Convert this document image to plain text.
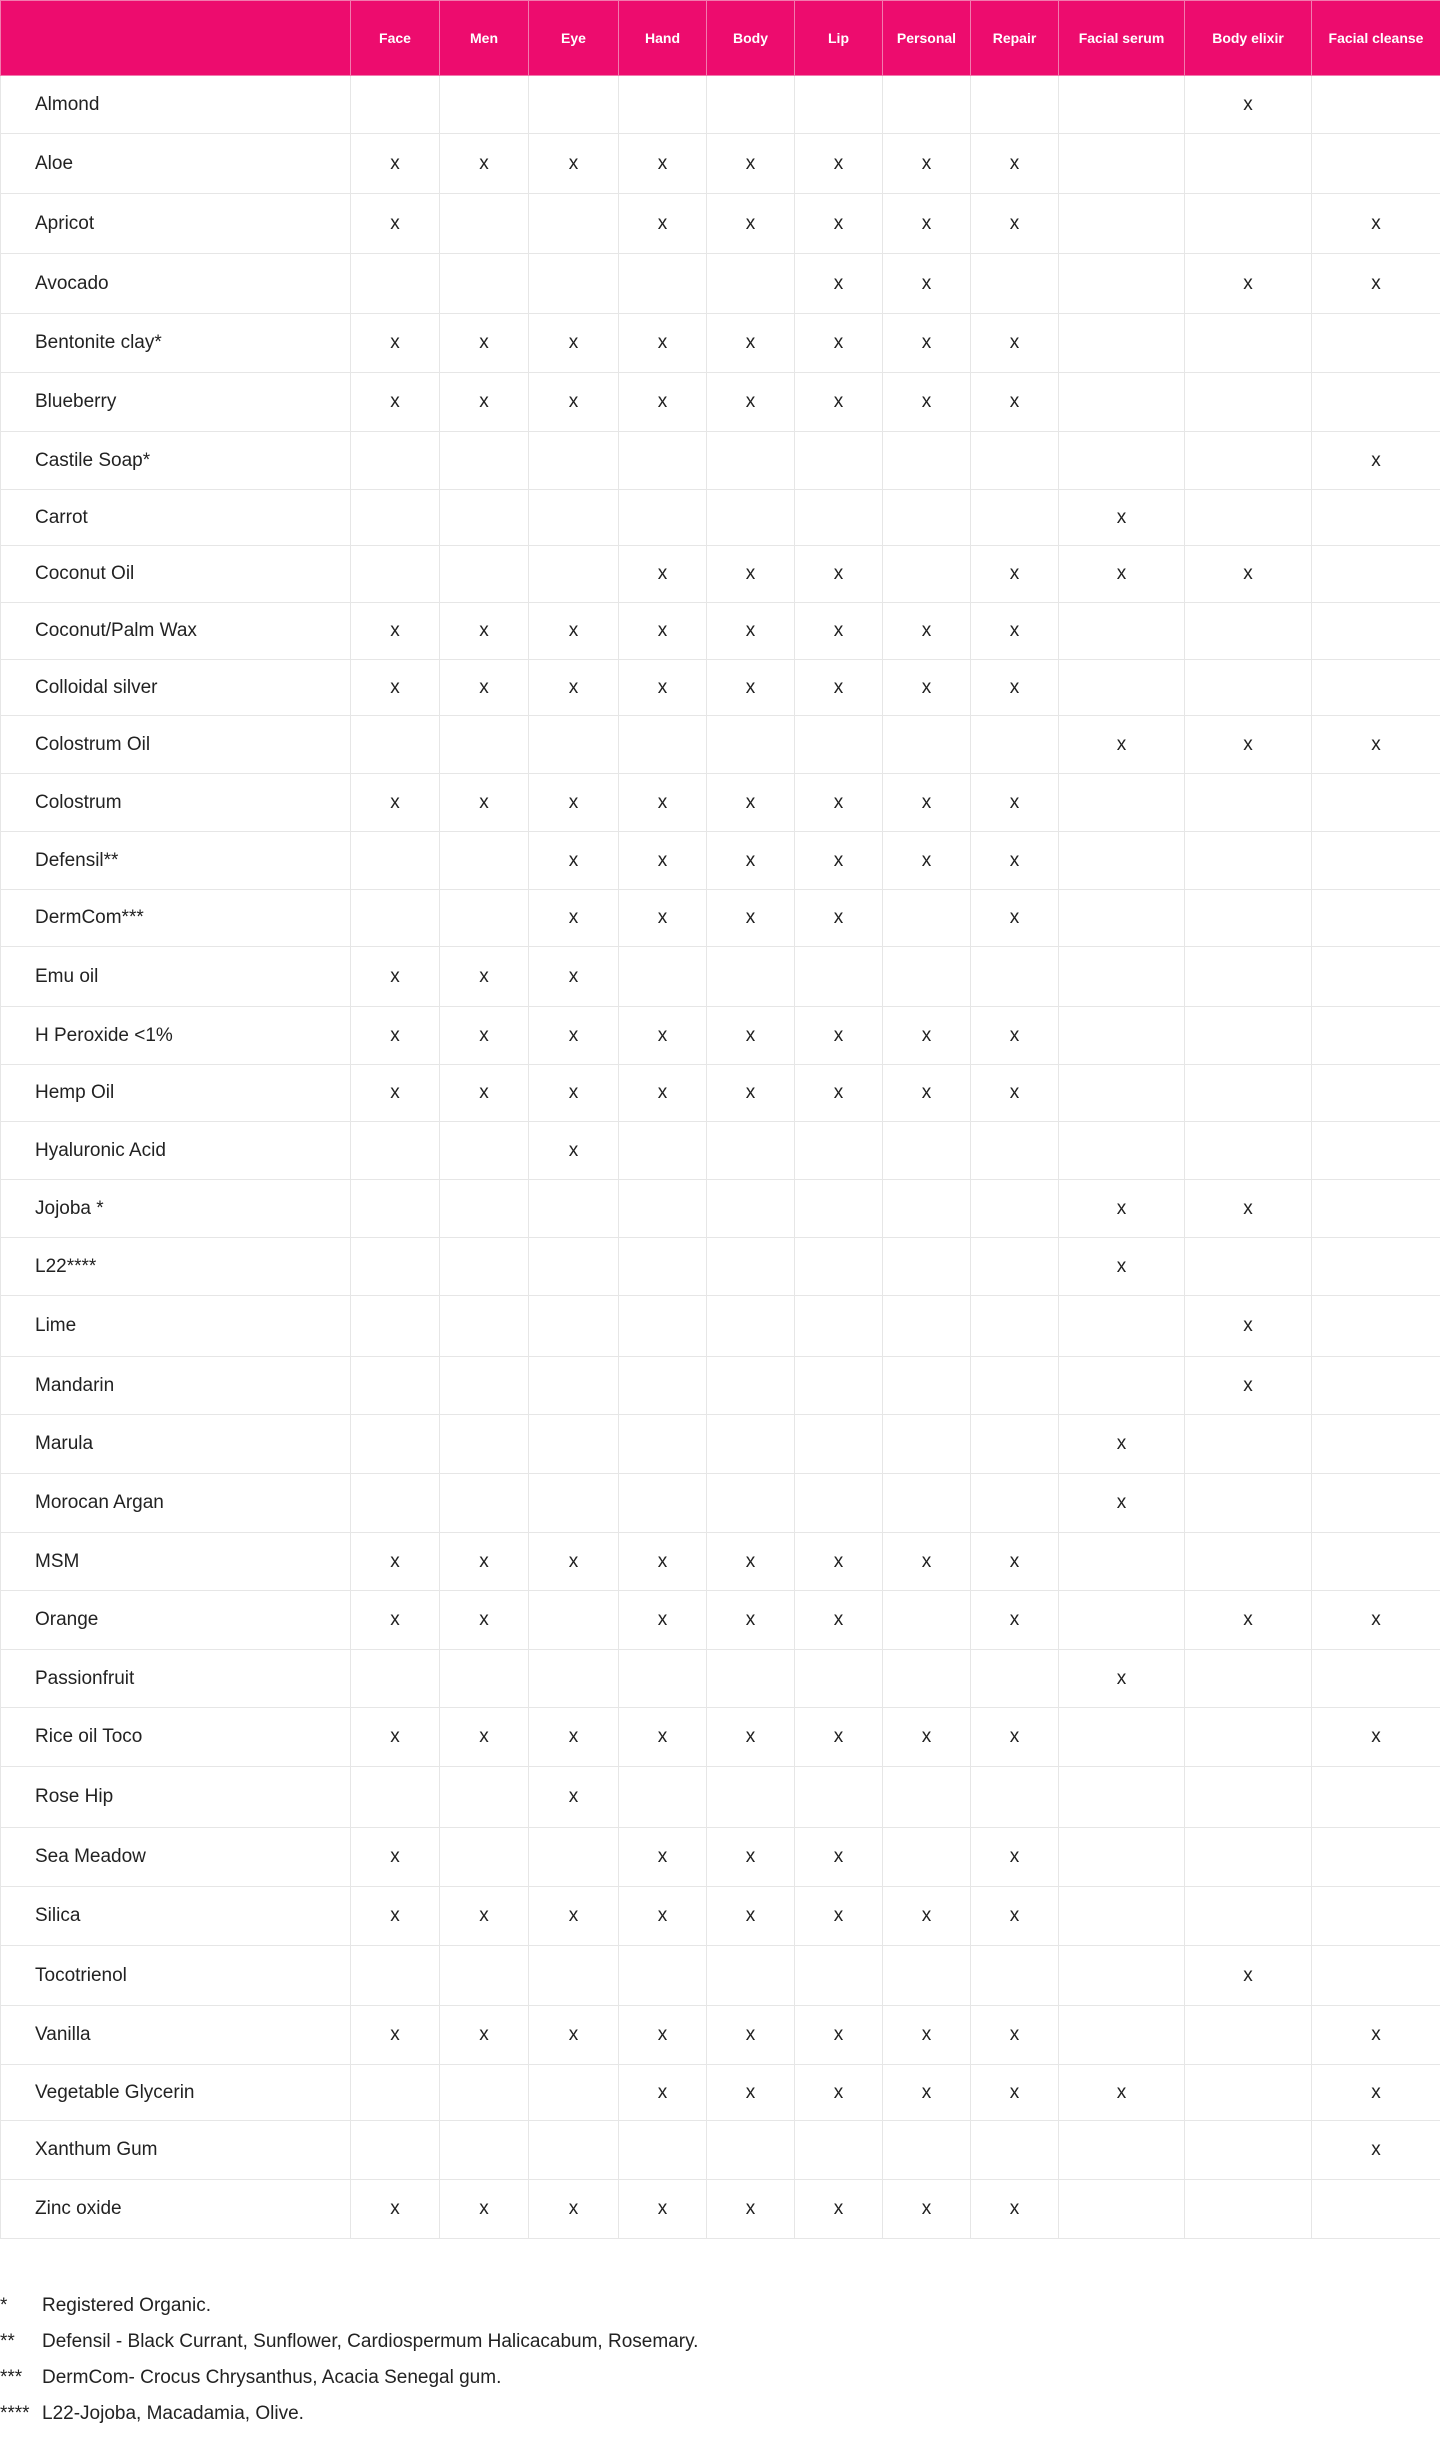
	Face	Men	Eye	Hand	Body	Lip	Personal	Repair	Facial serum	Body elixir	Facial cleanse
Almond										x	
Aloe	x	x	x	x	x	x	x	x			
Apricot	x			x	x	x	x	x			x
Avocado						x	x			x	x
Bentonite clay*	x	x	x	x	x	x	x	x			
Blueberry	x	x	x	x	x	x	x	x			
Castile Soap*											x
Carrot									x		
Coconut Oil				x	x	x		x	x	x	
Coconut/Palm Wax	x	x	x	x	x	x	x	x			
Colloidal silver	x	x	x	x	x	x	x	x			
Colostrum Oil									x	x	x
Colostrum	x	x	x	x	x	x	x	x			
Defensil**			x	x	x	x	x	x			
DermCom***			x	x	x	x		x			
Emu oil	x	x	x								
H Peroxide <1%	x	x	x	x	x	x	x	x			
Hemp Oil	x	x	x	x	x	x	x	x			
Hyaluronic Acid			x								
Jojoba *									x	x	
L22****									x		
Lime										x	
Mandarin										x	
Marula									x		
Morocan Argan									x		
MSM	x	x	x	x	x	x	x	x			
Orange	x	x		x	x	x		x		x	x
Passionfruit									x		
Rice oil Toco	x	x	x	x	x	x	x	x			x
Rose Hip			x								
Sea Meadow	x			x	x	x		x			
Silica	x	x	x	x	x	x	x	x			
Tocotrienol										x	
Vanilla	x	x	x	x	x	x	x	x			x
Vegetable Glycerin				x	x	x	x	x	x		x
Xanthum Gum											x
Zinc oxide	x	x	x	x	x	x	x	x			
* Registered Organic.
** Defensil - Black Currant, Sunflower, Cardiospermum Halicacabum, Rosemary.
*** DermCom- Crocus Chrysanthus, Acacia Senegal gum.
**** L22-Jojoba, Macadamia, Olive.
